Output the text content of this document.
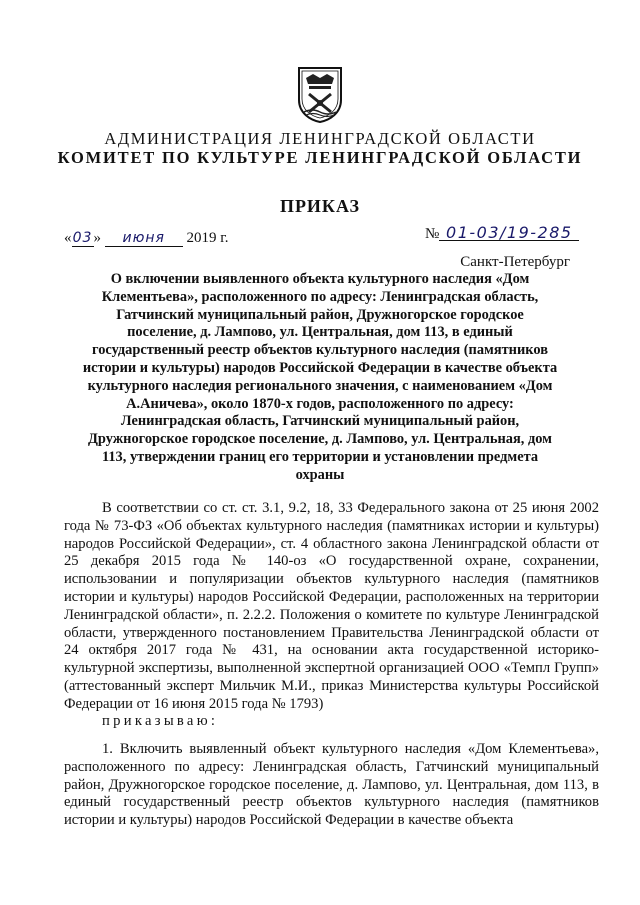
АДМИНИСТРАЦИЯ ЛЕНИНГРАДСКОЙ ОБЛАСТИ
КОМИТЕТ ПО КУЛЬТУРЕ ЛЕНИНГРАДСКОЙ ОБЛАСТИ
ПРИКАЗ
«03» июня 2019 г.	№ 01-03/19-285
Санкт-Петербург
О включении выявленного объекта культурного наследия «Дом Клементьева», расположенного по адресу: Ленинградская область, Гатчинский муниципальный район, Дружногорское городское поселение, д. Лампово, ул. Центральная, дом 113, в единый государственный реестр объектов культурного наследия (памятников истории и культуры) народов Российской Федерации в качестве объекта культурного наследия регионального значения, с наименованием «Дом А.Аничева», около 1870-х годов, расположенного по адресу: Ленинградская область, Гатчинский муниципальный район, Дружногорское городское поселение, д. Лампово, ул. Центральная, дом 113, утверждении границ его территории и установлении предмета охраны

В соответствии со ст. ст. 3.1, 9.2, 18, 33 Федерального закона от 25 июня 2002 года № 73-ФЗ «Об объектах культурного наследия (памятниках истории и культуры) народов Российской Федерации», ст. 4 областного закона Ленинградской области от 25 декабря 2015 года № 140-оз «О государственной охране, сохранении, использовании и популяризации объектов культурного наследия (памятников истории и культуры) народов Российской Федерации, расположенных на территории Ленинградской области», п. 2.2.2. Положения о комитете по культуре Ленинградской области, утвержденного постановлением Правительства Ленинградской области от 24 октября 2017 года № 431, на основании акта государственной историко-культурной экспертизы, выполненной экспертной организацией ООО «Темпл Групп» (аттестованный эксперт Мильчик М.И., приказ Министерства культуры Российской Федерации от 16 июня 2015 года № 1793)

приказываю:

1. Включить выявленный объект культурного наследия «Дом Клементьева», расположенного по адресу: Ленинградская область, Гатчинский муниципальный район, Дружногорское городское поселение, д. Лампово, ул. Центральная, дом 113, в единый государственный реестр объектов культурного наследия (памятников истории и культуры) народов Российской Федерации в качестве объекта
